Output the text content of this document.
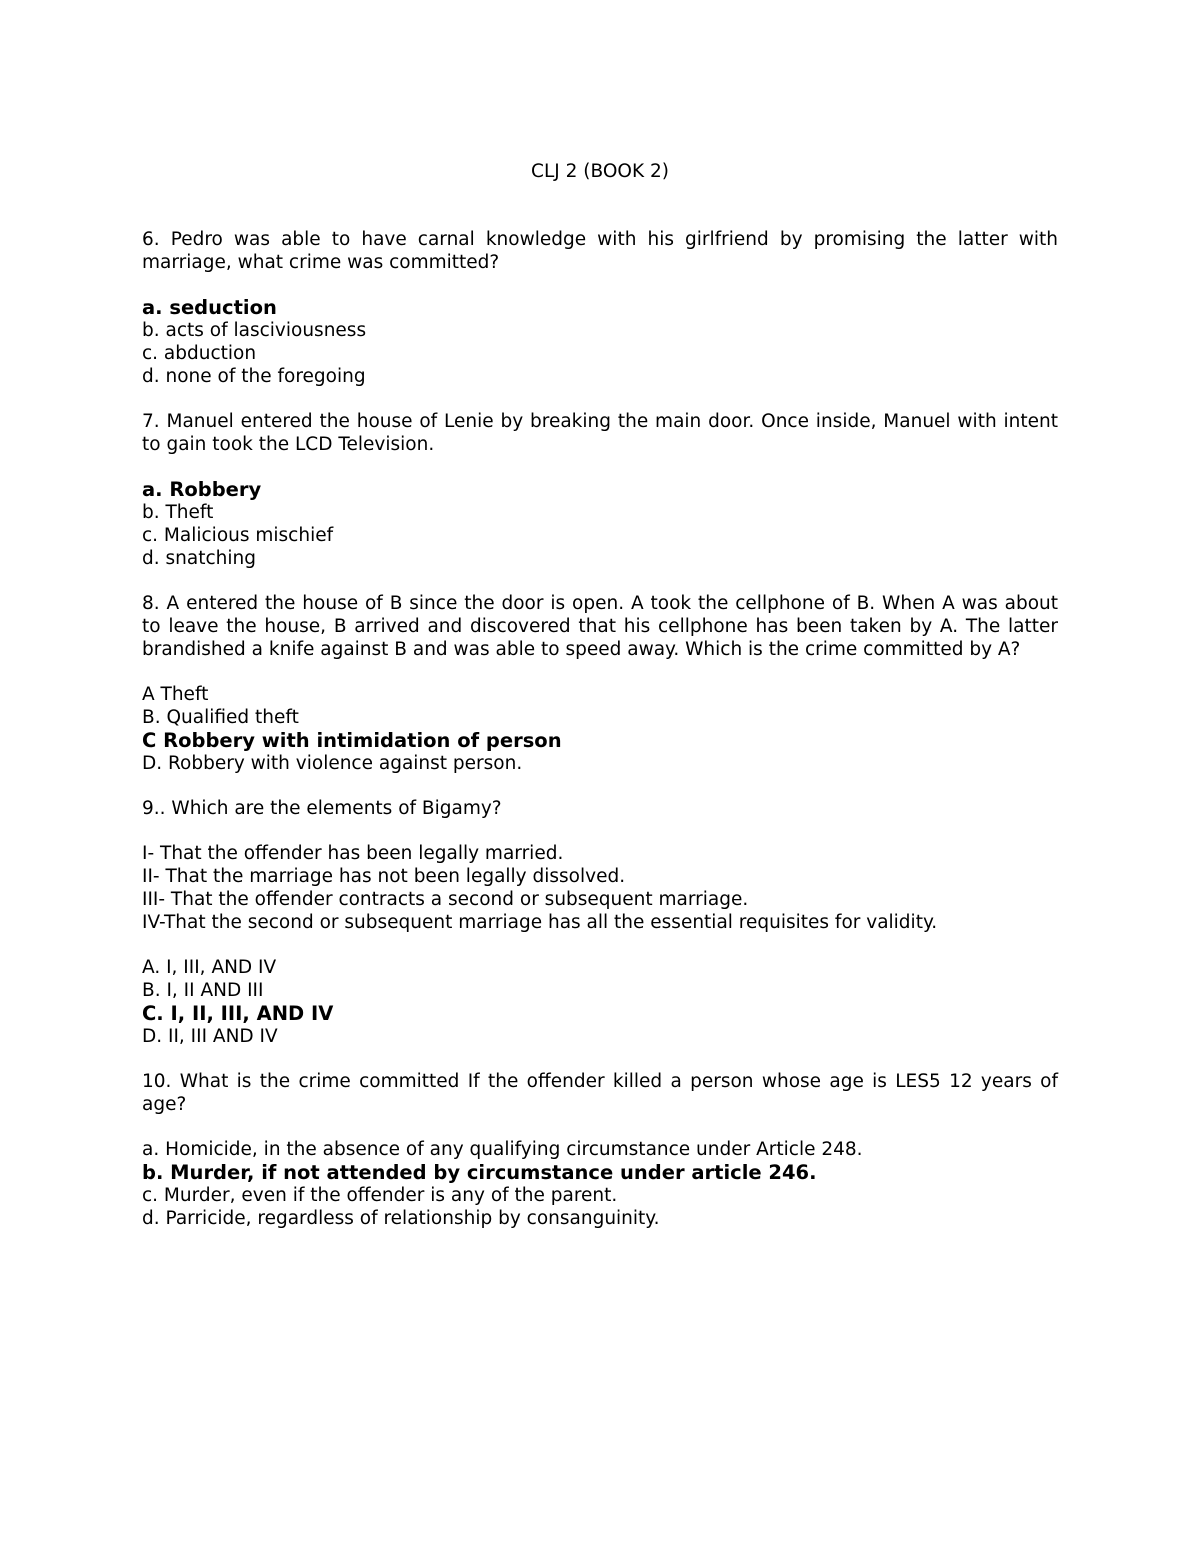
CLJ 2 (BOOK 2)
6. Pedro was able to have carnal knowledge with his girlfriend by promising the latter with marriage, what crime was committed?
a. seduction
b. acts of lasciviousness
c. abduction
d. none of the foregoing
7. Manuel entered the house of Lenie by breaking the main door. Once inside, Manuel with intent to gain took the LCD Television.
a. Robbery
b. Theft
c. Malicious mischief
d. snatching
8. A entered the house of B since the door is open. A took the cellphone of B. When A was about to leave the house, B arrived and discovered that his cellphone has been taken by A. The latter brandished a knife against B and was able to speed away. Which is the crime committed by A?
A Theft
B. Qualified theft
C Robbery with intimidation of person
D. Robbery with violence against person.
9.. Which are the elements of Bigamy?
I- That the offender has been legally married.
II- That the marriage has not been legally dissolved.
III- That the offender contracts a second or subsequent marriage.
IV-That the second or subsequent marriage has all the essential requisites for validity.
A. I, III, AND IV
B. I, II AND III
C. I, II, III, AND IV
D. II, III AND IV
10. What is the crime committed If the offender killed a person whose age is LES5 12 years of age?
a. Homicide, in the absence of any qualifying circumstance under Article 248.
b. Murder, if not attended by circumstance under article 246.
c. Murder, even if the offender is any of the parent.
d. Parricide, regardless of relationship by consanguinity.
